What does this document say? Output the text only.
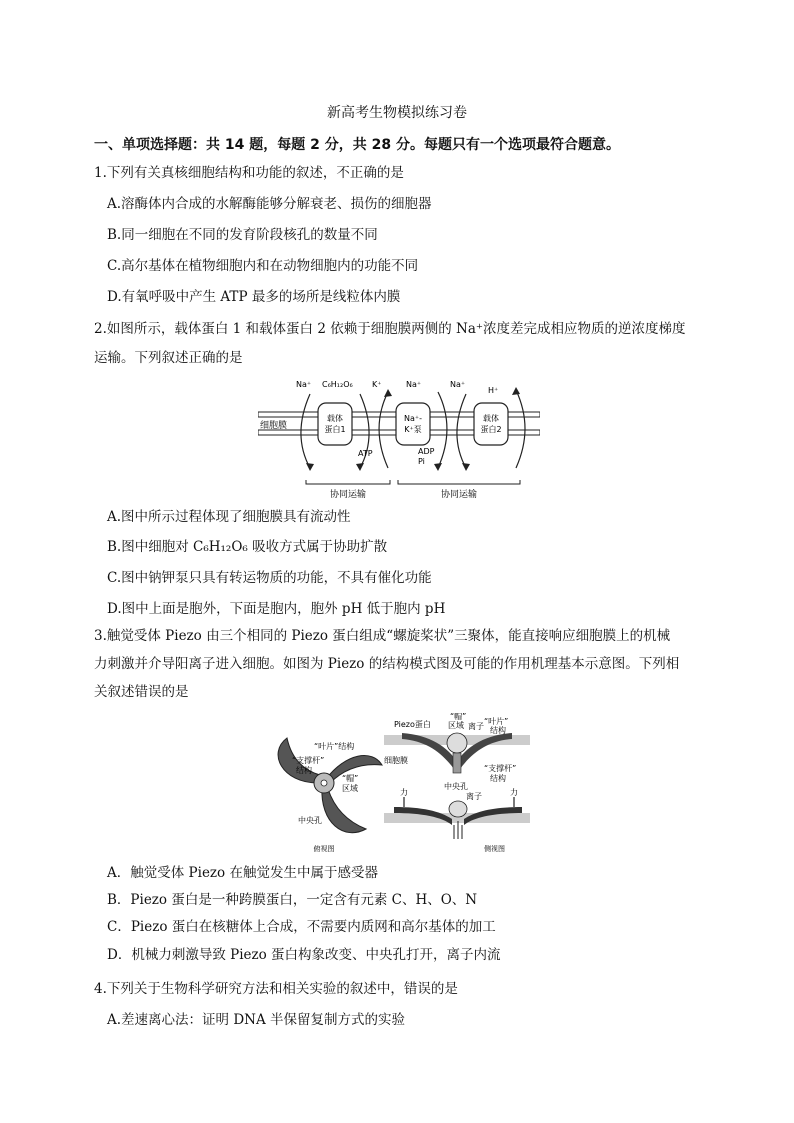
新高考生物模拟练习卷
一、单项选择题：共 14 题，每题 2 分，共 28 分。每题只有一个选项最符合题意。
1.下列有关真核细胞结构和功能的叙述，不正确的是
A.溶酶体内合成的水解酶能够分解衰老、损伤的细胞器
B.同一细胞在不同的发育阶段核孔的数量不同
C.高尔基体在植物细胞内和在动物细胞内的功能不同
D.有氧呼吸中产生 ATP 最多的场所是线粒体内膜
2.如图所示，载体蛋白 1 和载体蛋白 2 依赖于细胞膜两侧的 Na⁺浓度差完成相应物质的逆浓度梯度
运输。下列叙述正确的是
细胞膜
载体
蛋白1
Na⁺-
K⁺泵
载体
蛋白2
Na⁺ C₆H₁₂O₆ K⁺	Na⁺	Na⁺
H⁺
ATP	ADP
Pi
协同运输	协同运输
A.图中所示过程体现了细胞膜具有流动性
B.图中细胞对 C₆H₁₂O₆ 吸收方式属于协助扩散
C.图中钠钾泵只具有转运物质的功能，不具有催化功能
D.图中上面是胞外，下面是胞内，胞外 pH 低于胞内 pH
3.触觉受体 Piezo 由三个相同的 Piezo 蛋白组成“螺旋桨状”三聚体，能直接响应细胞膜上的机械
力刺激并介导阳离子进入细胞。如图为 Piezo 的结构模式图及可能的作用机理基本示意图。下列相
关叙述错误的是
“叶片”结构
“支撑杆”
结构
“帽”
区域
中央孔
俯视图
Piezo蛋白
“帽”
区域	“叶片”
结构
离子
细胞膜
“支撑杆”
结构
中央孔
力	力
离子
侧视图
A．触觉受体 Piezo 在触觉发生中属于感受器
B．Piezo 蛋白是一种跨膜蛋白，一定含有元素 C、H、O、N
C．Piezo 蛋白在核糖体上合成，不需要内质网和高尔基体的加工
D．机械力刺激导致 Piezo 蛋白构象改变、中央孔打开，离子内流
4.下列关于生物科学研究方法和相关实验的叙述中，错误的是
A.差速离心法：证明 DNA 半保留复制方式的实验
